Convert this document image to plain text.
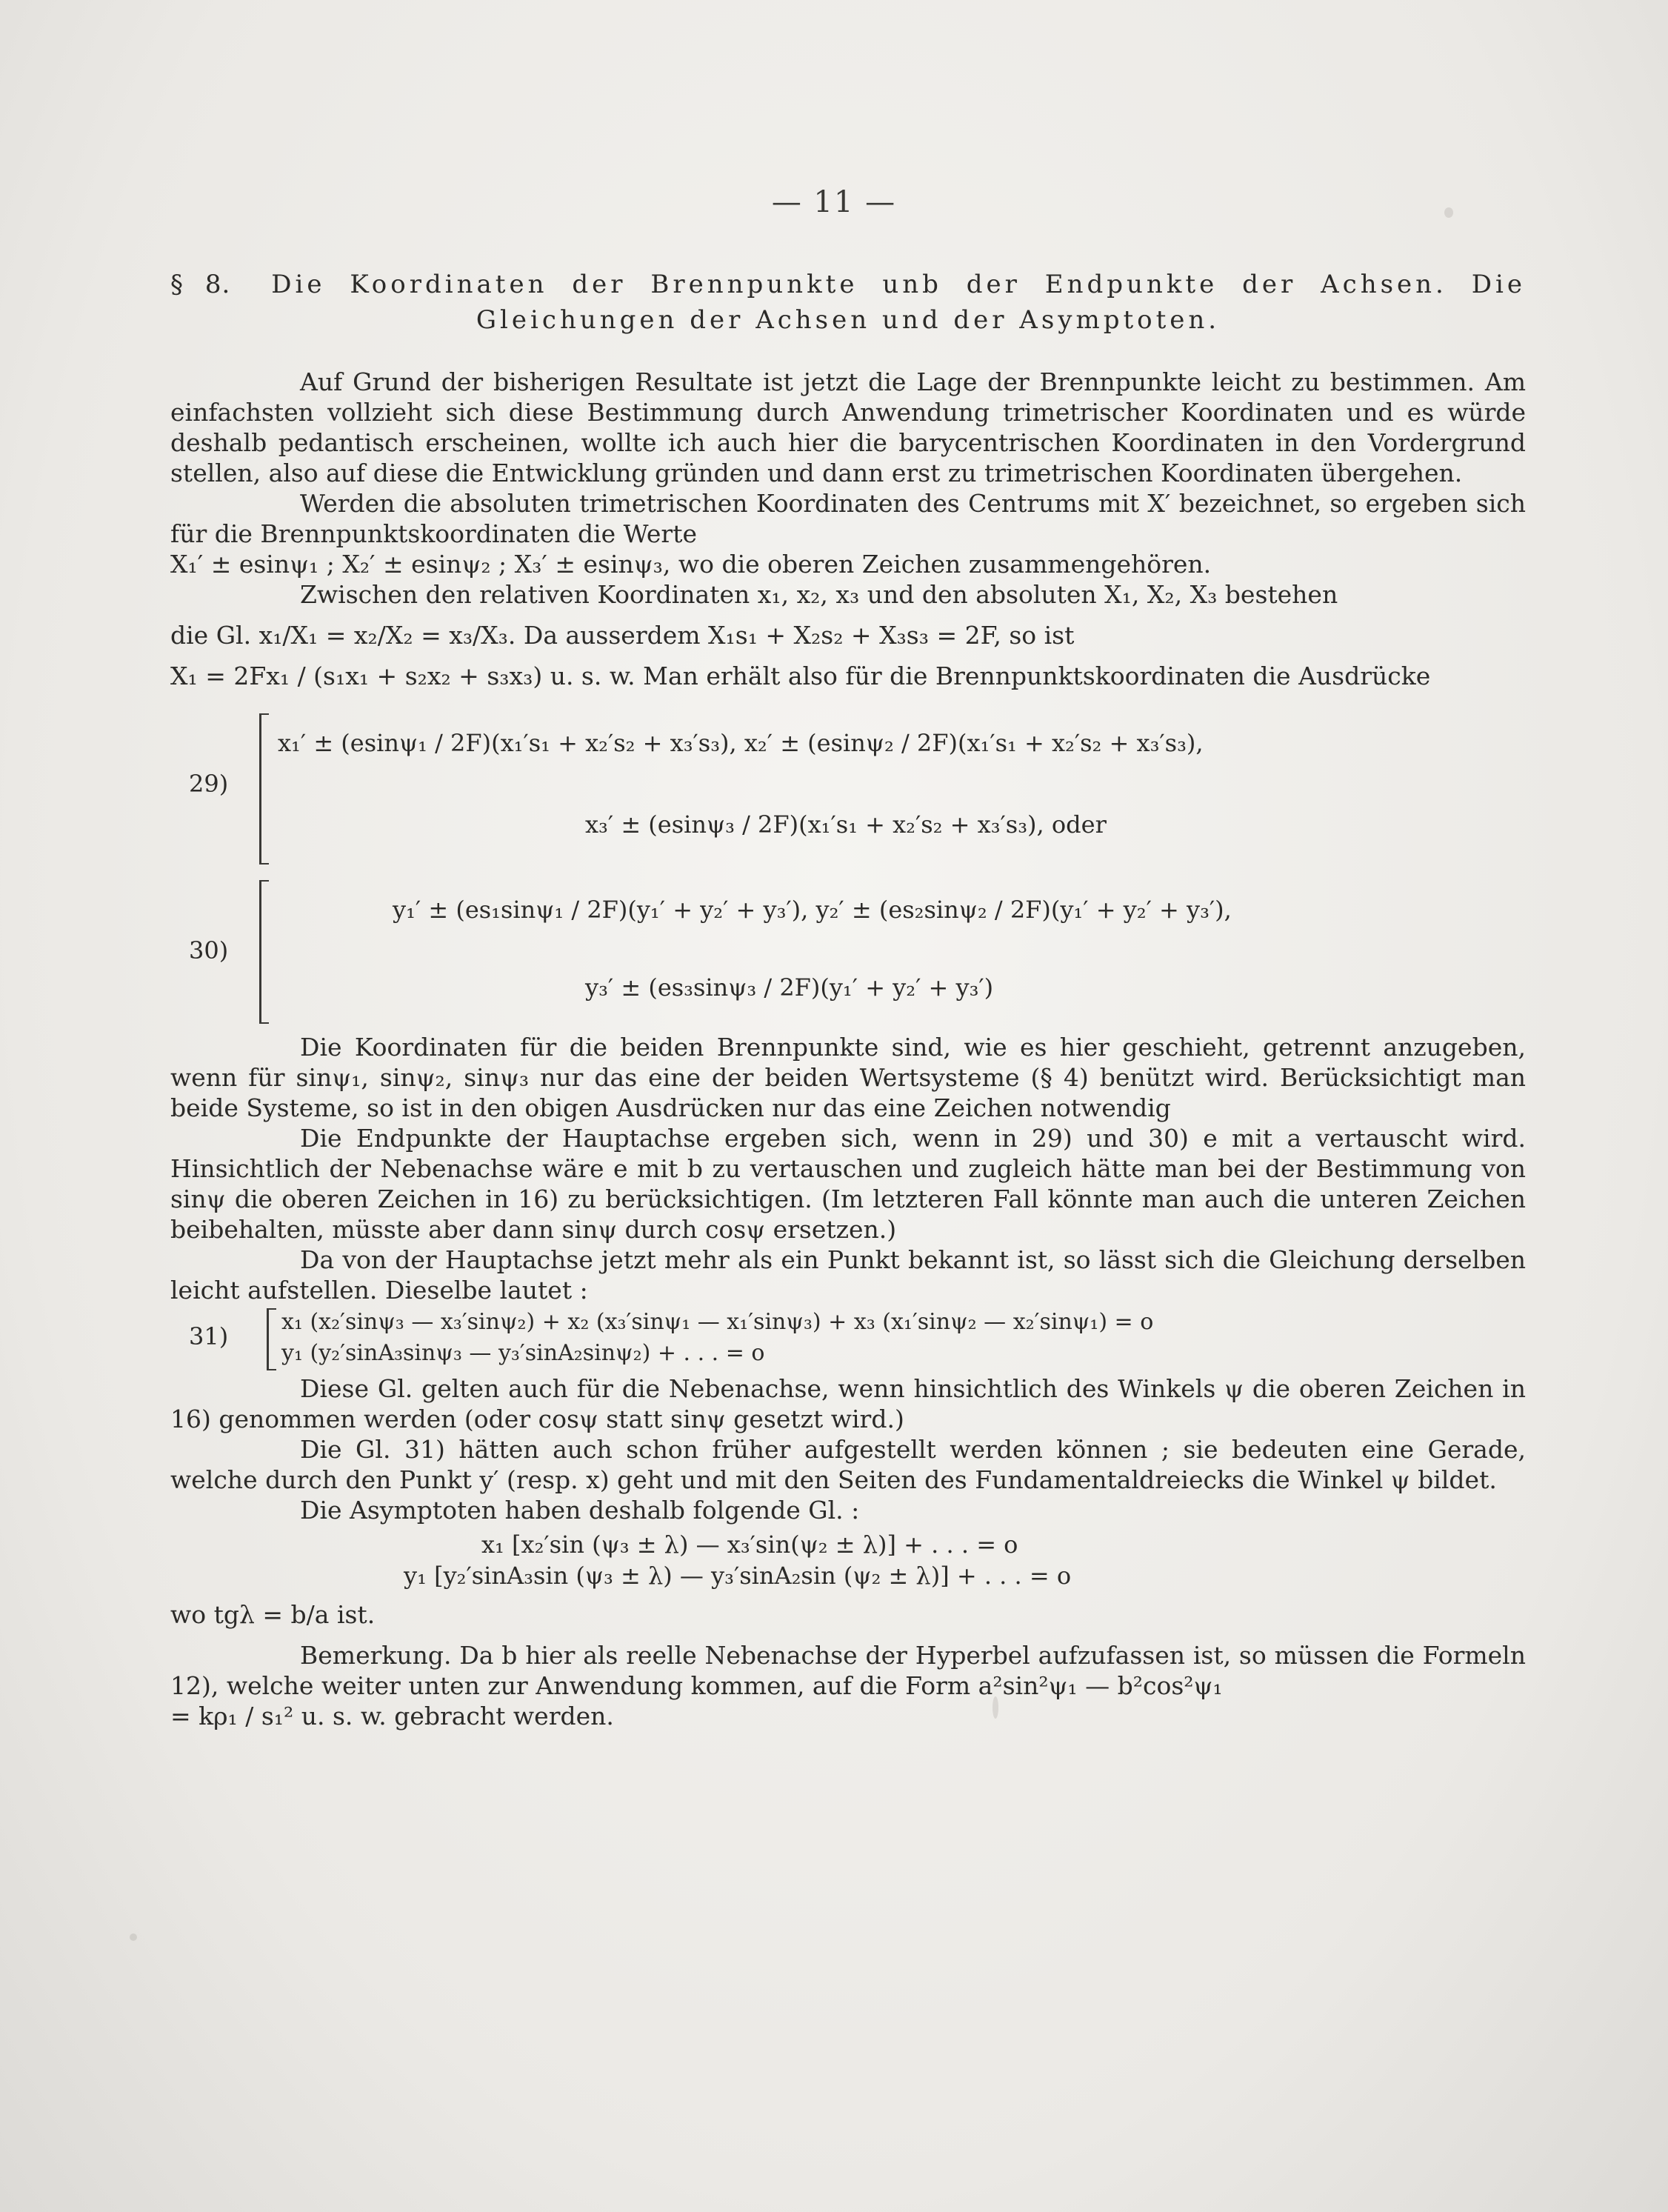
— 11 —
§ 8. Die Koordinaten der Brennpunkte unb der Endpunkte der Achsen. Die Gleichungen der Achsen und der Asymptoten.

Auf Grund der bisherigen Resultate ist jetzt die Lage der Brennpunkte leicht zu bestimmen. Am einfachsten vollzieht sich diese Bestimmung durch Anwendung trimetrischer Koordinaten und es würde deshalb pedantisch erscheinen, wollte ich auch hier die barycentrischen Koordinaten in den Vordergrund stellen, also auf diese die Entwicklung gründen und dann erst zu trimetrischen Koordinaten übergehen.

Werden die absoluten trimetrischen Koordinaten des Centrums mit X′ bezeichnet, so ergeben sich für die Brennpunktskoordinaten die Werte

X₁′ ± esinψ₁ ; X₂′ ± esinψ₂ ; X₃′ ± esinψ₃, wo die oberen Zeichen zusammengehören.

Zwischen den relativen Koordinaten x₁, x₂, x₃ und den absoluten X₁, X₂, X₃ bestehen

die Gl. x₁/X₁ = x₂/X₂ = x₃/X₃. Da ausserdem X₁s₁ + X₂s₂ + X₃s₃ = 2F, so ist

X₁ = 2Fx₁ / (s₁x₁ + s₂x₂ + s₃x₃) u. s. w. Man erhält also für die Brennpunktskoordinaten die Ausdrücke

29)
x₁′ ± (esinψ₁ / 2F)(x₁′s₁ + x₂′s₂ + x₃′s₃), x₂′ ± (esinψ₂ / 2F)(x₁′s₁ + x₂′s₂ + x₃′s₃),
x₃′ ± (esinψ₃ / 2F)(x₁′s₁ + x₂′s₂ + x₃′s₃), oder
30)
y₁′ ± (es₁sinψ₁ / 2F)(y₁′ + y₂′ + y₃′), y₂′ ± (es₂sinψ₂ / 2F)(y₁′ + y₂′ + y₃′),
y₃′ ± (es₃sinψ₃ / 2F)(y₁′ + y₂′ + y₃′)

Die Koordinaten für die beiden Brennpunkte sind, wie es hier geschieht, getrennt anzugeben, wenn für sinψ₁, sinψ₂, sinψ₃ nur das eine der beiden Wertsysteme (§ 4) benützt wird. Berücksichtigt man beide Systeme, so ist in den obigen Ausdrücken nur das eine Zeichen notwendig

Die Endpunkte der Hauptachse ergeben sich, wenn in 29) und 30) e mit a vertauscht wird. Hinsichtlich der Nebenachse wäre e mit b zu vertauschen und zugleich hätte man bei der Bestimmung von sinψ die oberen Zeichen in 16) zu berücksichtigen. (Im letzteren Fall könnte man auch die unteren Zeichen beibehalten, müsste aber dann sinψ durch cosψ ersetzen.)

Da von der Hauptachse jetzt mehr als ein Punkt bekannt ist, so lässt sich die Gleichung derselben leicht aufstellen. Dieselbe lautet :

31)
x₁ (x₂′sinψ₃ — x₃′sinψ₂) + x₂ (x₃′sinψ₁ — x₁′sinψ₃) + x₃ (x₁′sinψ₂ — x₂′sinψ₁) = o
y₁ (y₂′sinA₃sinψ₃ — y₃′sinA₂sinψ₂) + . . . = o

Diese Gl. gelten auch für die Nebenachse, wenn hinsichtlich des Winkels ψ die oberen Zeichen in 16) genommen werden (oder cosψ statt sinψ gesetzt wird.)

Die Gl. 31) hätten auch schon früher aufgestellt werden können ; sie bedeuten eine Gerade, welche durch den Punkt y′ (resp. x) geht und mit den Seiten des Fundamentaldreiecks die Winkel ψ bildet.

Die Asymptoten haben deshalb folgende Gl. :

x₁ [x₂′sin (ψ₃ ± λ) — x₃′sin(ψ₂ ± λ)] + . . . = o
y₁ [y₂′sinA₃sin (ψ₃ ± λ) — y₃′sinA₂sin (ψ₂ ± λ)] + . . . = o

wo tgλ = b/a ist.

Bemerkung. Da b hier als reelle Nebenachse der Hyperbel aufzufassen ist, so müssen die Formeln 12), welche weiter unten zur Anwendung kommen, auf die Form a²sin²ψ₁ — b²cos²ψ₁

= kρ₁ / s₁² u. s. w. gebracht werden.
